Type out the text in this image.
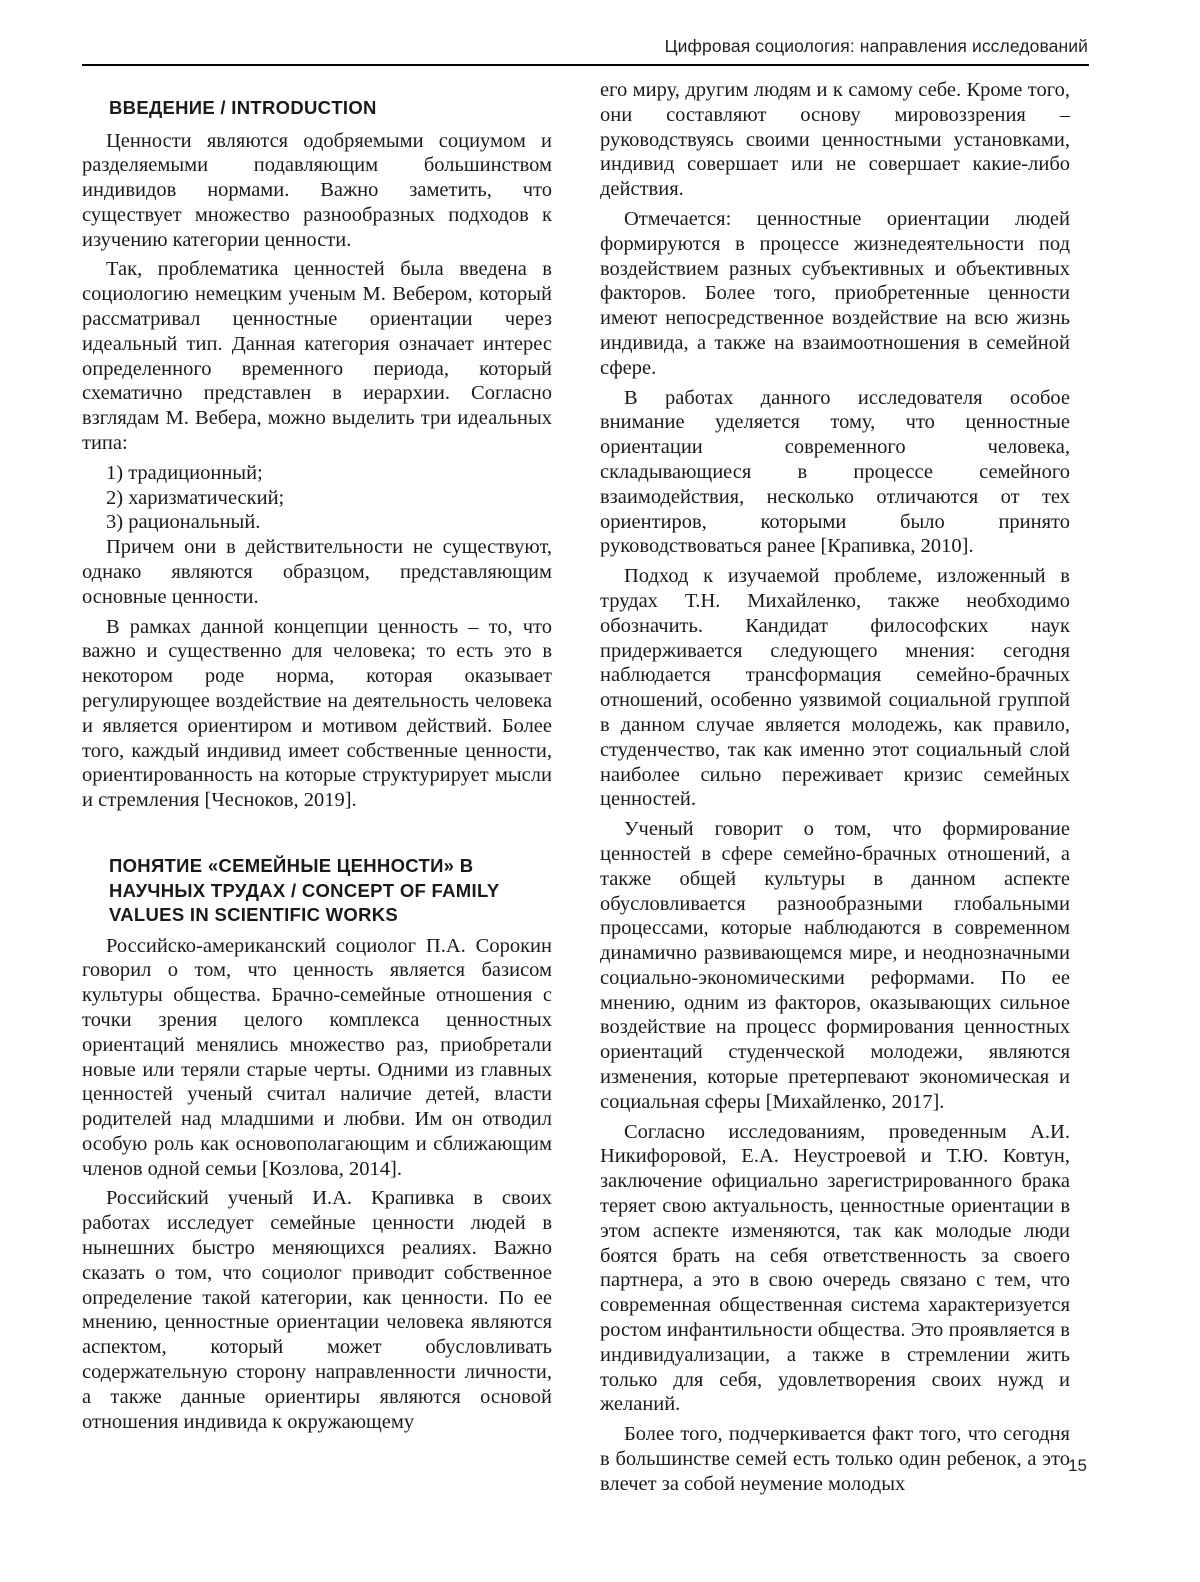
Цифровая социология: направления исследований
ВВЕДЕНИЕ / INTRODUCTION

Ценности являются одобряемыми социумом и разделяемыми подавляющим большинством индивидов нормами. Важно заметить, что существует множество разнообразных подходов к изучению категории ценности.

Так, проблематика ценностей была введена в социологию немецким ученым М. Вебером, который рассматривал ценностные ориентации через идеальный тип. Данная категория означает интерес определенного временного периода, который схематично представлен в иерархии. Согласно взглядам М. Вебера, можно выделить три идеальных типа:

1) традиционный;

2) харизматический;

3) рациональный.

Причем они в действительности не существуют, однако являются образцом, представляющим основные ценности.

В рамках данной концепции ценность – то, что важно и существенно для человека; то есть это в некотором роде норма, которая оказывает регулирующее воздействие на деятельность человека и является ориентиром и мотивом действий. Более того, каждый индивид имеет собственные ценности, ориентированность на которые структурирует мысли и стремления [Чесноков, 2019].

ПОНЯТИЕ «СЕМЕЙНЫЕ ЦЕННОСТИ» В НАУЧНЫХ ТРУДАХ / CONCEPT OF FAMILY VALUES IN SCIENTIFIC WORKS

Российско-американский социолог П.А. Сорокин говорил о том, что ценность является базисом культуры общества. Брачно-семейные отношения с точки зрения целого комплекса ценностных ориентаций менялись множество раз, приобретали новые или теряли старые черты. Одними из главных ценностей ученый считал наличие детей, власти родителей над младшими и любви. Им он отводил особую роль как основополагающим и сближающим членов одной семьи [Козлова, 2014].

Российский ученый И.А. Крапивка в своих работах исследует семейные ценности людей в нынешних быстро меняющихся реалиях. Важно сказать о том, что социолог приводит собственное определение такой категории, как ценности. По ее мнению, ценностные ориентации человека являются аспектом, который может обусловливать содержательную сторону направленности личности, а также данные ориентиры являются основой отношения индивида к окружающему

его миру, другим людям и к самому себе. Кроме того, они составляют основу мировоззрения – руководствуясь своими ценностными установками, индивид совершает или не совершает какие-либо действия.

Отмечается: ценностные ориентации людей формируются в процессе жизнедеятельности под воздействием разных субъективных и объективных факторов. Более того, приобретенные ценности имеют непосредственное воздействие на всю жизнь индивида, а также на взаимоотношения в семейной сфере.

В работах данного исследователя особое внимание уделяется тому, что ценностные ориентации современного человека, складывающиеся в процессе семейного взаимодействия, несколько отличаются от тех ориентиров, которыми было принято руководствоваться ранее [Крапивка, 2010].

Подход к изучаемой проблеме, изложенный в трудах Т.Н. Михайленко, также необходимо обозначить. Кандидат философских наук придерживается следующего мнения: сегодня наблюдается трансформация семейно-брачных отношений, особенно уязвимой социальной группой в данном случае является молодежь, как правило, студенчество, так как именно этот социальный слой наиболее сильно переживает кризис семейных ценностей.

Ученый говорит о том, что формирование ценностей в сфере семейно-брачных отношений, а также общей культуры в данном аспекте обусловливается разнообразными глобальными процессами, которые наблюдаются в современном динамично развивающемся мире, и неоднозначными социально-экономическими реформами. По ее мнению, одним из факторов, оказывающих сильное воздействие на процесс формирования ценностных ориентаций студенческой молодежи, являются изменения, которые претерпевают экономическая и социальная сферы [Михайленко, 2017].

Согласно исследованиям, проведенным А.И. Никифоровой, Е.А. Неустроевой и Т.Ю. Ковтун, заключение официально зарегистрированного брака теряет свою актуальность, ценностные ориентации в этом аспекте изменяются, так как молодые люди боятся брать на себя ответственность за своего партнера, а это в свою очередь связано с тем, что современная общественная система характеризуется ростом инфантильности общества. Это проявляется в индивидуализации, а также в стремлении жить только для себя, удовлетворения своих нужд и желаний.

Более того, подчеркивается факт того, что сегодня в большинстве семей есть только один ребенок, а это влечет за собой неумение молодых

15
